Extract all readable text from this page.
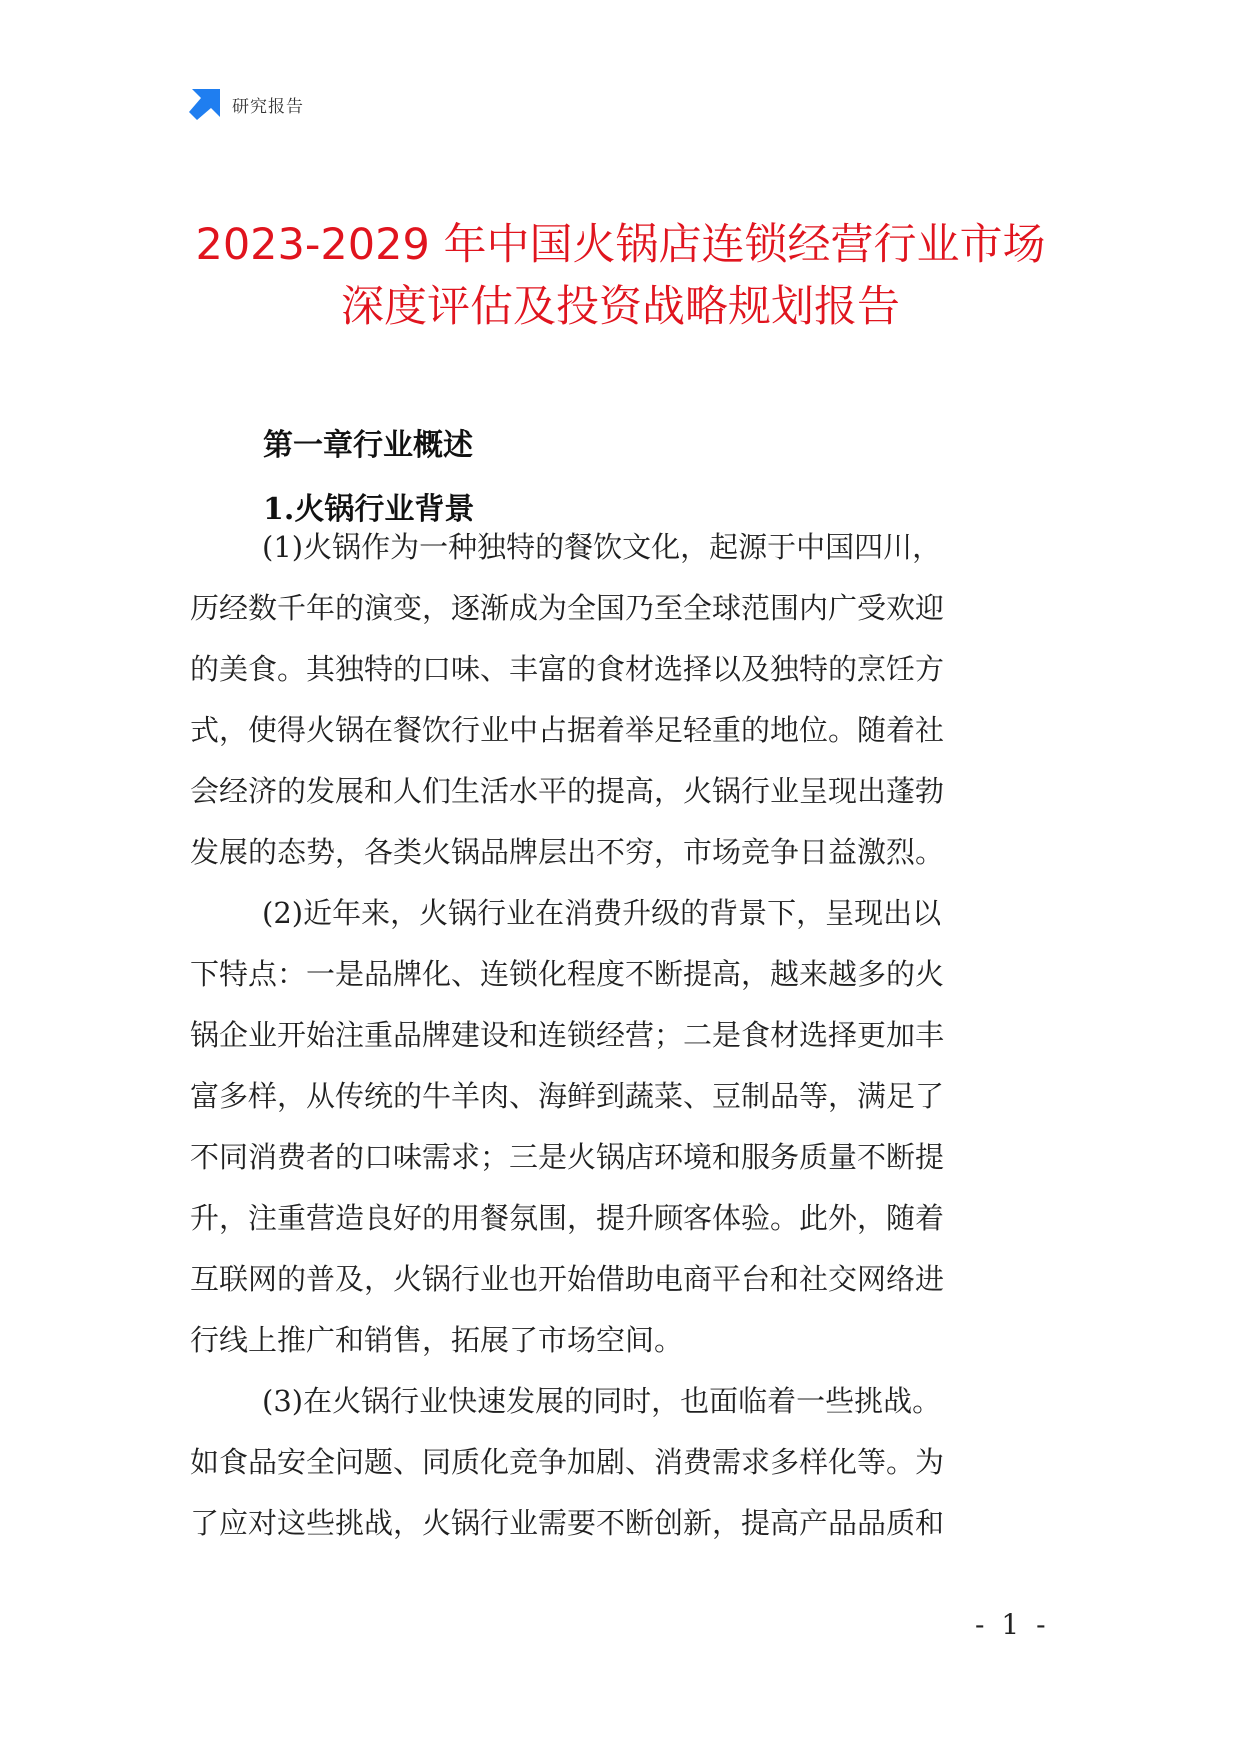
研究报告
2023-2029 年中国火锅店连锁经营行业市场
深度评估及投资战略规划报告
第一章行业概述
1.火锅行业背景
(1)火锅作为一种独特的餐饮文化，起源于中国四川，
历经数千年的演变，逐渐成为全国乃至全球范围内广受欢迎
的美食。其独特的口味、丰富的食材选择以及独特的烹饪方
式，使得火锅在餐饮行业中占据着举足轻重的地位。随着社
会经济的发展和人们生活水平的提高，火锅行业呈现出蓬勃
发展的态势，各类火锅品牌层出不穷，市场竞争日益激烈。
(2)近年来，火锅行业在消费升级的背景下，呈现出以
下特点：一是品牌化、连锁化程度不断提高，越来越多的火
锅企业开始注重品牌建设和连锁经营；二是食材选择更加丰
富多样，从传统的牛羊肉、海鲜到蔬菜、豆制品等，满足了
不同消费者的口味需求；三是火锅店环境和服务质量不断提
升，注重营造良好的用餐氛围，提升顾客体验。此外，随着
互联网的普及，火锅行业也开始借助电商平台和社交网络进
行线上推广和销售，拓展了市场空间。
(3)在火锅行业快速发展的同时，也面临着一些挑战。
如食品安全问题、同质化竞争加剧、消费需求多样化等。为
了应对这些挑战，火锅行业需要不断创新，提高产品品质和
- 1 -
